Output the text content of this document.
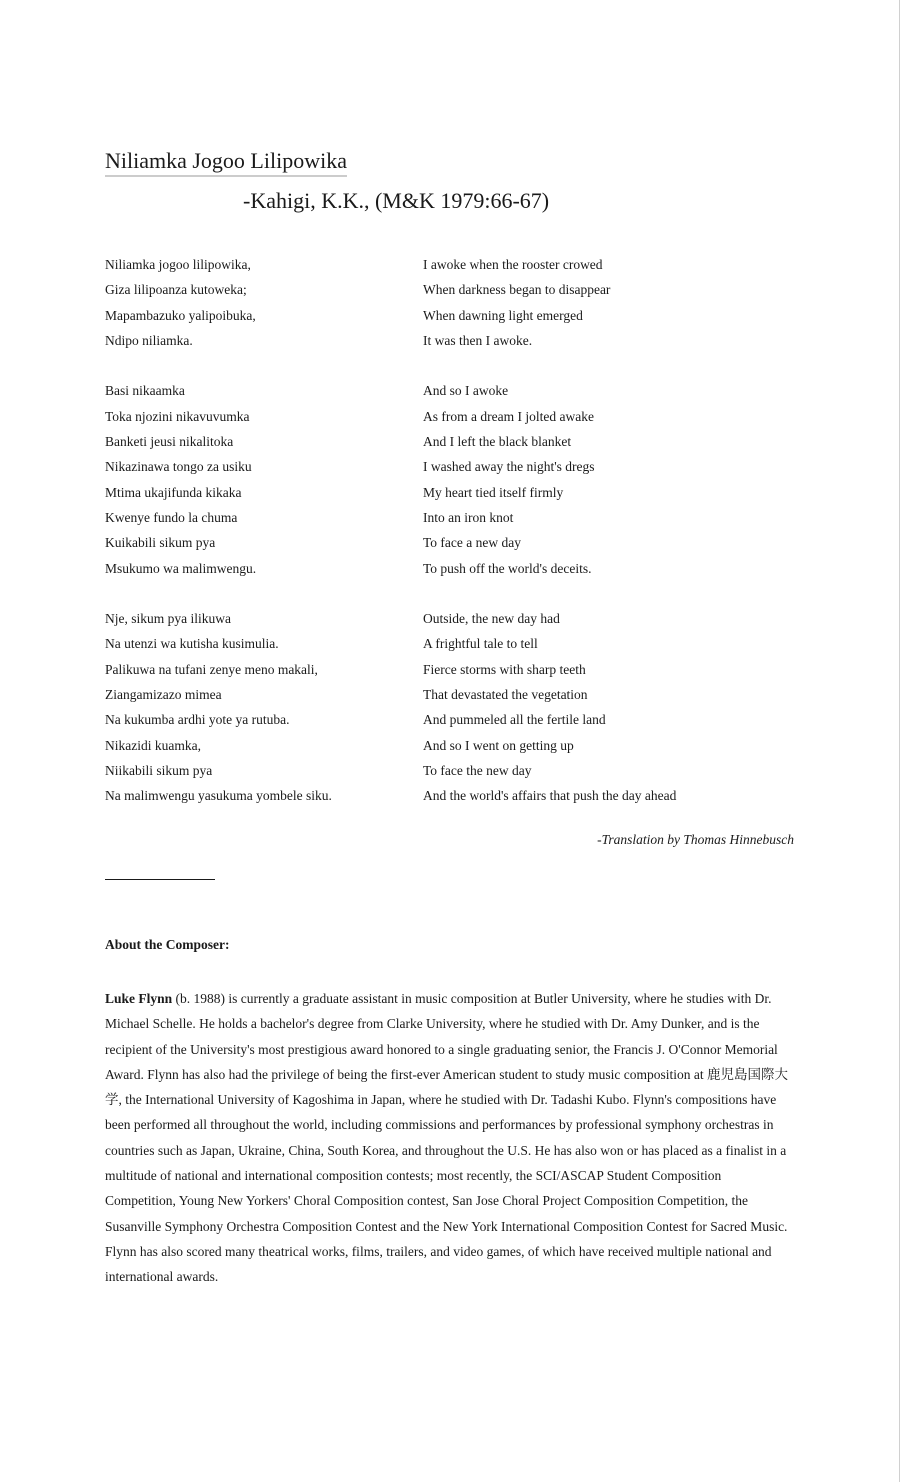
Niliamka Jogoo Lilipowika
-Kahigi, K.K., (M&K 1979:66-67)
Niliamka jogoo lilipowika,
Giza lilipoanza kutoweka;
Mapambazuko yalipoibuka,
Ndipo niliamka.
Basi nikaamka
Toka njozini nikavuvumka
Banketi jeusi nikalitoka
Nikazinawa tongo za usiku
Mtima ukajifunda kikaka
Kwenye fundo la chuma
Kuikabili sikum pya
Msukumo wa malimwengu.
Nje, sikum pya ilikuwa
Na utenzi wa kutisha kusimulia.
Palikuwa na tufani zenye meno makali,
Ziangamizazo mimea
Na kukumba ardhi yote ya rutuba.
Nikazidi kuamka,
Niikabili sikum pya
Na malimwengu yasukuma yombele siku.
I awoke when the rooster crowed
When darkness began to disappear
When dawning light emerged
It was then I awoke.
And so I awoke
As from a dream I jolted awake
And I left the black blanket
I washed away the night's dregs
My heart tied itself firmly
Into an iron knot
To face a new day
To push off the world's deceits.
Outside, the new day had
A frightful tale to tell
Fierce storms with sharp teeth
That devastated the vegetation
And pummeled all the fertile land
And so I went on getting up
To face the new day
And the world's affairs that push the day ahead
-Translation by Thomas Hinnebusch
About the Composer:

Luke Flynn (b. 1988) is currently a graduate assistant in music composition at Butler University, where he studies with Dr. Michael Schelle. He holds a bachelor's degree from Clarke University, where he studied with Dr. Amy Dunker, and is the recipient of the University's most prestigious award honored to a single graduating senior, the Francis J. O'Connor Memorial Award. Flynn has also had the privilege of being the first-ever American student to study music composition at 鹿児島国際大学, the International University of Kagoshima in Japan, where he studied with Dr. Tadashi Kubo. Flynn's compositions have been performed all throughout the world, including commissions and performances by professional symphony orchestras in countries such as Japan, Ukraine, China, South Korea, and throughout the U.S. He has also won or has placed as a finalist in a multitude of national and international composition contests; most recently, the SCI/ASCAP Student Composition Competition, Young New Yorkers' Choral Composition contest, San Jose Choral Project Composition Competition, the Susanville Symphony Orchestra Composition Contest and the New York International Composition Contest for Sacred Music. Flynn has also scored many theatrical works, films, trailers, and video games, of which have received multiple national and international awards.
